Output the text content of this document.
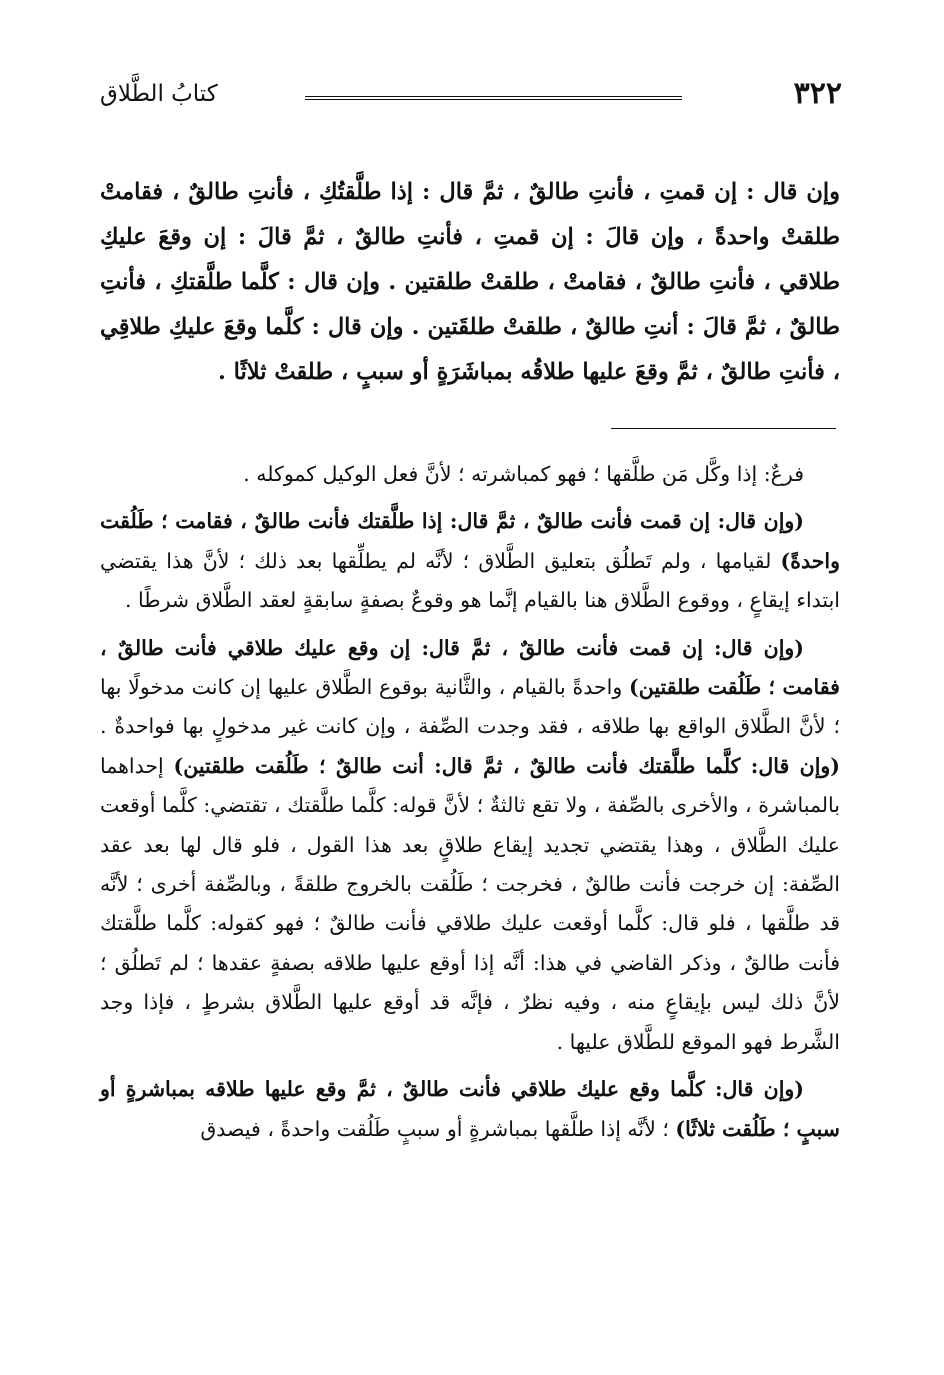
٣٢٢
كتابُ الطَّلاق
وإن قال : إن قمتِ ، فأنتِ طالقٌ ، ثمَّ قال : إذا طلَّقتُكِ ، فأنتِ طالقٌ ، فقامتْ طلقتْ واحدةً ، وإن قالَ : إن قمتِ ، فأنتِ طالقٌ ، ثمَّ قالَ : إن وقعَ عليكِ طلاقي ، فأنتِ طالقٌ ، فقامتْ ، طلقتْ طلقتين . وإن قال : كلَّما طلَّقتكِ ، فأنتِ طالقٌ ، ثمَّ قالَ : أنتِ طالقٌ ، طلقتْ طلقَتين . وإن قال : كلَّما وقعَ عليكِ طلاقِي ، فأنتِ طالقٌ ، ثمَّ وقعَ عليها طلاقُه بمباشَرَةٍ أو سببٍ ، طلقتْ ثلاثًا .

فرعٌ: إذا وكَّل مَن طلَّقها ؛ فهو كمباشرته ؛ لأنَّ فعل الوكيل كموكله .

(وإن قال: إن قمت فأنت طالقٌ ، ثمَّ قال: إذا طلَّقتك فأنت طالقٌ ، فقامت ؛ طَلُقت واحدةً) لقيامها ، ولم تَطلُق بتعليق الطَّلاق ؛ لأنَّه لم يطلِّقها بعد ذلك ؛ لأنَّ هذا يقتضي ابتداء إيقاعٍ ، ووقوع الطَّلاق هنا بالقيام إنَّما هو وقوعٌ بصفةٍ سابقةٍ لعقد الطَّلاق شرطًا .

(وإن قال: إن قمت فأنت طالقٌ ، ثمَّ قال: إن وقع عليك طلاقي فأنت طالقٌ ، فقامت ؛ طَلُقت طلقتين) واحدةً بالقيام ، والثَّانية بوقوع الطَّلاق عليها إن كانت مدخولًا بها ؛ لأنَّ الطَّلاق الواقع بها طلاقه ، فقد وجدت الصِّفة ، وإن كانت غير مدخولٍ بها فواحدةٌ . (وإن قال: كلَّما طلَّقتك فأنت طالقٌ ، ثمَّ قال: أنت طالقٌ ؛ طَلُقت طلقتين) إحداهما بالمباشرة ، والأخرى بالصِّفة ، ولا تقع ثالثةٌ ؛ لأنَّ قوله: كلَّما طلَّقتك ، تقتضي: كلَّما أوقعت عليك الطَّلاق ، وهذا يقتضي تجديد إيقاع طلاقٍ بعد هذا القول ، فلو قال لها بعد عقد الصِّفة: إن خرجت فأنت طالقٌ ، فخرجت ؛ طَلُقت بالخروج طلقةً ، وبالصِّفة أخرى ؛ لأنَّه قد طلَّقها ، فلو قال: كلَّما أوقعت عليك طلاقي فأنت طالقٌ ؛ فهو كقوله: كلَّما طلَّقتك فأنت طالقٌ ، وذكر القاضي في هذا: أنَّه إذا أوقع عليها طلاقه بصفةٍ عقدها ؛ لم تَطلُق ؛ لأنَّ ذلك ليس بإيقاعٍ منه ، وفيه نظرٌ ، فإنَّه قد أوقع عليها الطَّلاق بشرطٍ ، فإذا وجد الشَّرط فهو الموقع للطَّلاق عليها .

(وإن قال: كلَّما وقع عليك طلاقي فأنت طالقٌ ، ثمَّ وقع عليها طلاقه بمباشرةٍ أو سببٍ ؛ طَلُقت ثلاثًا) ؛ لأنَّه إذا طلَّقها بمباشرةٍ أو سببٍ طَلُقت واحدةً ، فيصدق
